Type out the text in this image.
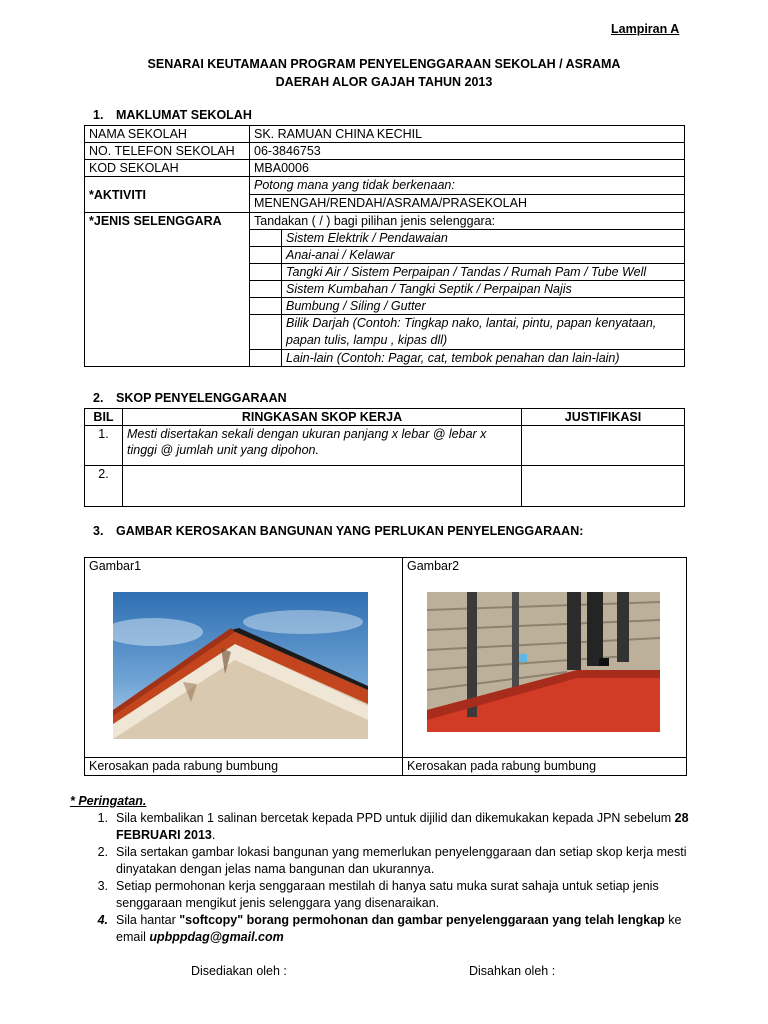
Lampiran A
SENARAI KEUTAMAAN PROGRAM PENYELENGGARAAN SEKOLAH / ASRAMA
DAERAH ALOR GAJAH TAHUN 2013
1. MAKLUMAT SEKOLAH
NAMA SEKOLAH	SK. RAMUAN CHINA KECHIL	
NO. TELEFON SEKOLAH	06-3846753	
KOD SEKOLAH	MBA0006	
*AKTIVITI	Potong mana yang tidak berkenaan:	
	MENENGAH/RENDAH/ASRAMA/PRASEKOLAH	
*JENIS SELENGGARA	Tandakan ( / ) bagi pilihan jenis selenggara:	
		Sistem Elektrik / Pendawaian
		Anai-anai / Kelawar
		Tangki Air / Sistem Perpaipan / Tandas / Rumah Pam / Tube Well
		Sistem Kumbahan / Tangki Septik / Perpaipan Najis
		Bumbung / Siling / Gutter
		Bilik Darjah (Contoh: Tingkap nako, lantai, pintu, papan kenyataan, papan tulis, lampu , kipas dll)
		Lain-lain (Contoh: Pagar, cat, tembok penahan dan lain-lain)
2. SKOP PENYELENGGARAAN
BIL	RINGKASAN SKOP KERJA	JUSTIFIKASI
1.	Mesti disertakan sekali dengan ukuran panjang x lebar @ lebar x tinggi @ jumlah unit yang dipohon.	
2.		
3. GAMBAR KEROSAKAN BANGUNAN YANG PERLUKAN PENYELENGGARAAN:
Gambar1	Gambar2
Kerosakan pada rabung bumbung	Kerosakan pada rabung bumbung
* Peringatan.
1. Sila kembalikan 1 salinan bercetak kepada PPD untuk dijilid dan dikemukakan kepada JPN sebelum 28 FEBRUARI 2013.
2. Sila sertakan gambar lokasi bangunan yang memerlukan penyelenggaraan dan setiap skop kerja mesti dinyatakan dengan jelas nama bangunan dan ukurannya.
3. Setiap permohonan kerja senggaraan mestilah di hanya satu muka surat sahaja untuk setiap jenis senggaraan mengikut jenis selenggara yang disenaraikan.
4. Sila hantar "softcopy" borang permohonan dan gambar penyelenggaraan yang telah lengkap ke email upbppdag@gmail.com
Disediakan oleh :	Disahkan oleh :
